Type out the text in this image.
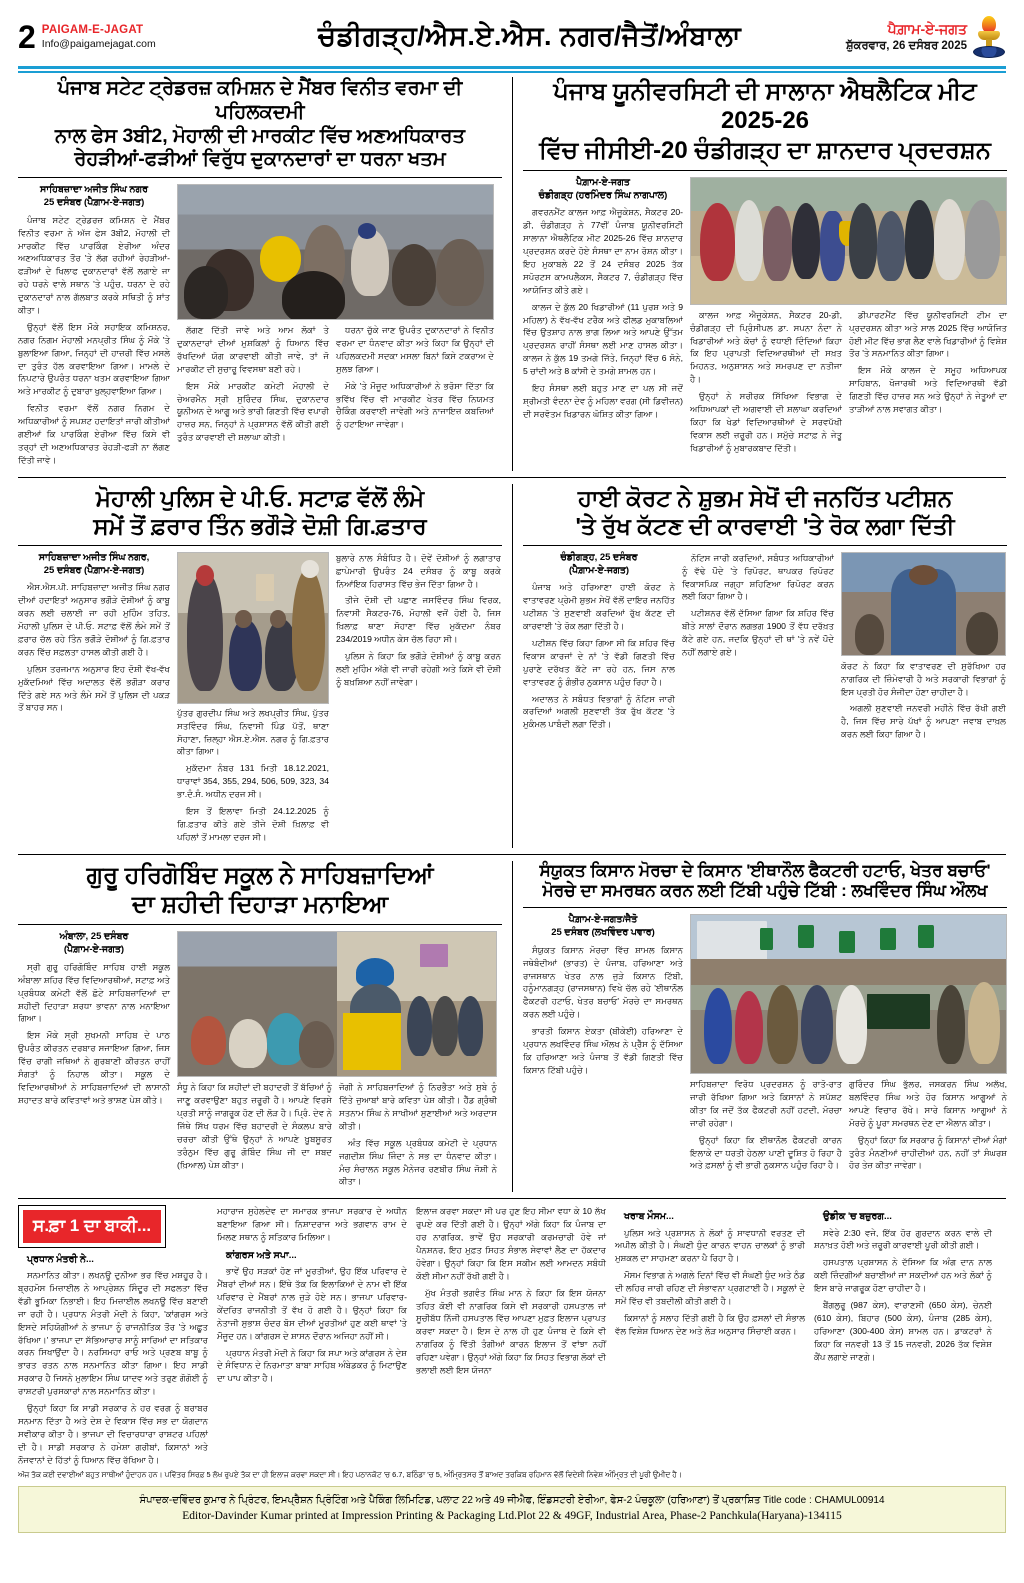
2 PAIGAM-E-JAGAT
Info@paigamejagat.com	ਚੰਡੀਗੜ੍ਹ/ਐਸ.ਏ.ਐਸ. ਨਗਰ/ਜੈਤੋਂ/ਅੰਬਾਲਾ	ਪੈਗ਼ਾਮ-ਏ-ਜਗਤ
ਸ਼ੁੱਕਰਵਾਰ, 26 ਦਸੰਬਰ 2025
ਪੰਜਾਬ ਸਟੇਟ ਟ੍ਰੇਡਰਜ਼ ਕਮਿਸ਼ਨ ਦੇ ਮੈਂਬਰ ਵਿਨੀਤ ਵਰਮਾ ਦੀ ਪਹਿਲਕਦਮੀ
ਨਾਲ ਫੇਸ 3ਬੀ2, ਮੋਹਾਲੀ ਦੀ ਮਾਰਕੀਟ ਵਿੱਚ ਅਣਅਧਿਕਾਰਤ
ਰੇਹੜੀਆਂ-ਫੜੀਆਂ ਵਿਰੁੱਧ ਦੁਕਾਨਦਾਰਾਂ ਦਾ ਧਰਨਾ ਖਤਮ
ਸਾਹਿਬਜ਼ਾਦਾ ਅਜੀਤ ਸਿੰਘ ਨਗਰ
25 ਦਸੰਬਰ (ਪੈਗ਼ਾਮ-ਏ-ਜਗਤ)

ਪੰਜਾਬ ਸਟੇਟ ਟ੍ਰੇਡਰਜ਼ ਕਮਿਸ਼ਨ ਦੇ ਮੈਂਬਰ ਵਿਨੀਤ ਵਰਮਾ ਨੇ ਅੱਜ ਫੇਸ 3ਬੀ2, ਮੋਹਾਲੀ ਦੀ ਮਾਰਕੀਟ ਵਿੱਚ ਪਾਰਕਿੰਗ ਏਰੀਆ ਅੰਦਰ ਅਣਅਧਿਕਾਰਤ ਤੌਰ 'ਤੇ ਲੱਗ ਰਹੀਆਂ ਰੇਹੜੀਆਂ-ਫੜੀਆਂ ਦੇ ਖਿਲਾਫ ਦੁਕਾਨਦਾਰਾਂ ਵੱਲੋਂ ਲਗਾਏ ਜਾ ਰਹੇ ਧਰਨੇ ਵਾਲੇ ਸਥਾਨ 'ਤੇ ਪਹੁੰਚ, ਧਰਨਾ ਦੇ ਰਹੇ ਦੁਕਾਨਦਾਰਾਂ ਨਾਲ ਗੱਲਬਾਤ ਕਰਕੇ ਸਥਿਤੀ ਨੂੰ ਸ਼ਾਂਤ ਕੀਤਾ।

ਉਨ੍ਹਾਂ ਵੱਲੋਂ ਇਸ ਮੌਕੇ ਸਹਾਇਕ ਕਮਿਸ਼ਨਰ, ਨਗਰ ਨਿਗਮ ਮੋਹਾਲੀ ਮਨਪ੍ਰੀਤ ਸਿੰਘ ਨੂੰ ਮੌਕੇ 'ਤੇ ਬੁਲਾਇਆ ਗਿਆ, ਜਿਨ੍ਹਾਂ ਦੀ ਹਾਜ਼ਰੀ ਵਿੱਚ ਮਸਲੇ ਦਾ ਤੁਰੰਤ ਹੱਲ ਕਰਵਾਇਆ ਗਿਆ। ਮਾਮਲੇ ਦੇ ਨਿਪਟਾਰੇ ਉਪਰੰਤ ਧਰਨਾ ਖਤਮ ਕਰਵਾਇਆ ਗਿਆ ਅਤੇ ਮਾਰਕੀਟ ਨੂੰ ਦੁਬਾਰਾ ਖੁਲ੍ਹਵਾਇਆ ਗਿਆ।

ਵਿਨੀਤ ਵਰਮਾ ਵੱਲੋਂ ਨਗਰ ਨਿਗਮ ਦੇ ਅਧਿਕਾਰੀਆਂ ਨੂੰ ਸਪਸ਼ਟ ਹਦਾਇਤਾਂ ਜਾਰੀ ਕੀਤੀਆਂ ਗਈਆਂ ਕਿ ਪਾਰਕਿੰਗ ਏਰੀਆ ਵਿੱਚ ਕਿਸੇ ਵੀ ਤਰ੍ਹਾਂ ਦੀ ਅਣਅਧਿਕਾਰਤ ਰੇਹੜੀ-ਫੜੀ ਨਾ ਲੱਗਣ ਦਿੱਤੀ ਜਾਵੇ।

ਲੱਗਣ ਦਿੱਤੀ ਜਾਵੇ ਅਤੇ ਆਮ ਲੋਕਾਂ ਤੇ ਦੁਕਾਨਦਾਰਾਂ ਦੀਆਂ ਮੁਸ਼ਕਿਲਾਂ ਨੂੰ ਧਿਆਨ ਵਿੱਚ ਰੱਖਦਿਆਂ ਯੋਗ ਕਾਰਵਾਈ ਕੀਤੀ ਜਾਵੇ, ਤਾਂ ਜੋ ਮਾਰਕੀਟ ਦੀ ਸੁਚਾਰੂ ਵਿਵਸਥਾ ਬਣੀ ਰਹੇ।

ਇਸ ਮੌਕੇ ਮਾਰਕੀਟ ਕਮੇਟੀ ਮੋਹਾਲੀ ਦੇ ਚੇਅਰਮੈਨ ਸ੍ਰੀ ਸੁਰਿੰਦਰ ਸਿੰਘ, ਦੁਕਾਨਦਾਰ ਯੂਨੀਅਨ ਦੇ ਆਗੂ ਅਤੇ ਭਾਰੀ ਗਿਣਤੀ ਵਿੱਚ ਵਪਾਰੀ ਹਾਜ਼ਰ ਸਨ, ਜਿਨ੍ਹਾਂ ਨੇ ਪ੍ਰਸ਼ਾਸਨ ਵੱਲੋਂ ਕੀਤੀ ਗਈ ਤੁਰੰਤ ਕਾਰਵਾਈ ਦੀ ਸ਼ਲਾਘਾ ਕੀਤੀ।

ਧਰਨਾ ਚੁੱਕੇ ਜਾਣ ਉਪਰੰਤ ਦੁਕਾਨਦਾਰਾਂ ਨੇ ਵਿਨੀਤ ਵਰਮਾ ਦਾ ਧੰਨਵਾਦ ਕੀਤਾ ਅਤੇ ਕਿਹਾ ਕਿ ਉਨ੍ਹਾਂ ਦੀ ਪਹਿਲਕਦਮੀ ਸਦਕਾ ਮਸਲਾ ਬਿਨਾਂ ਕਿਸੇ ਟਕਰਾਅ ਦੇ ਸੁਲਝ ਗਿਆ।

ਮੌਕੇ 'ਤੇ ਮੌਜੂਦ ਅਧਿਕਾਰੀਆਂ ਨੇ ਭਰੋਸਾ ਦਿੱਤਾ ਕਿ ਭਵਿੱਖ ਵਿੱਚ ਵੀ ਮਾਰਕੀਟ ਖੇਤਰ ਵਿੱਚ ਨਿਯਮਤ ਚੈਕਿੰਗ ਕਰਵਾਈ ਜਾਵੇਗੀ ਅਤੇ ਨਾਜਾਇਜ਼ ਕਬਜ਼ਿਆਂ ਨੂੰ ਹਟਾਇਆ ਜਾਵੇਗਾ।

ਪੰਜਾਬ ਯੂਨੀਵਰਸਿਟੀ ਦੀ ਸਾਲਾਨਾ ਐਥਲੈਟਿਕ ਮੀਟ 2025-26
ਵਿੱਚ ਜੀਸੀਈ-20 ਚੰਡੀਗੜ੍ਹ ਦਾ ਸ਼ਾਨਦਾਰ ਪ੍ਰਦਰਸ਼ਨ
ਪੈਗ਼ਾਮ-ਏ-ਜਗਤ
ਚੰਡੀਗੜ੍ਹ (ਹਰਮਿੰਦਰ ਸਿੰਘ ਨਾਗਪਾਲ)

ਗਵਰਨਮੈਂਟ ਕਾਲਜ ਆਫ਼ ਐਜੂਕੇਸ਼ਨ, ਸੈਕਟਰ 20-ਡੀ, ਚੰਡੀਗੜ੍ਹ ਨੇ 77ਵੀਂ ਪੰਜਾਬ ਯੂਨੀਵਰਸਿਟੀ ਸਾਲਾਨਾ ਐਥਲੈਟਿਕ ਮੀਟ 2025-26 ਵਿੱਚ ਸ਼ਾਨਦਾਰ ਪ੍ਰਦਰਸ਼ਨ ਕਰਦੇ ਹੋਏ ਸੰਸਥਾ ਦਾ ਨਾਮ ਰੋਸ਼ਨ ਕੀਤਾ। ਇਹ ਮੁਕਾਬਲੇ 22 ਤੋਂ 24 ਦਸੰਬਰ 2025 ਤੱਕ ਸਪੋਰਟਸ ਕਾਮਪਲੈਕਸ, ਸੈਕਟਰ 7, ਚੰਡੀਗੜ੍ਹ ਵਿੱਚ ਆਯੋਜਿਤ ਕੀਤੇ ਗਏ।

ਕਾਲਜ ਦੇ ਕੁੱਲ 20 ਖਿਡਾਰੀਆਂ (11 ਪੁਰਸ਼ ਅਤੇ 9 ਮਹਿਲਾ) ਨੇ ਵੱਖ-ਵੱਖ ਟਰੈਕ ਅਤੇ ਫੀਲਡ ਮੁਕਾਬਲਿਆਂ ਵਿੱਚ ਉਤਸ਼ਾਹ ਨਾਲ ਭਾਗ ਲਿਆ ਅਤੇ ਆਪਣੇ ਉੱਤਮ ਪ੍ਰਦਰਸ਼ਨ ਰਾਹੀਂ ਸੰਸਥਾ ਲਈ ਮਾਣ ਹਾਸਲ ਕੀਤਾ। ਕਾਲਜ ਨੇ ਕੁੱਲ 19 ਤਮਗੇ ਜਿੱਤੇ, ਜਿਨ੍ਹਾਂ ਵਿੱਚ 6 ਸੋਨੇ, 5 ਚਾਂਦੀ ਅਤੇ 8 ਕਾਂਸੀ ਦੇ ਤਮਗੇ ਸ਼ਾਮਲ ਹਨ।

ਇਹ ਸੰਸਥਾ ਲਈ ਬਹੁਤ ਮਾਣ ਦਾ ਪਲ ਸੀ ਜਦੋਂ ਸ਼੍ਰੀਮਤੀ ਵੰਦਨਾ ਦੇਵ ਨੂੰ ਮਹਿਲਾ ਵਰਗ (ਸੀ ਡਿਵੀਜ਼ਨ) ਦੀ ਸਰਵੋਤਮ ਖਿਡਾਰਨ ਘੋਸ਼ਿਤ ਕੀਤਾ ਗਿਆ।

ਕਾਲਜ ਆਫ਼ ਐਜੂਕੇਸ਼ਨ, ਸੈਕਟਰ 20-ਡੀ, ਚੰਡੀਗੜ੍ਹ ਦੀ ਪ੍ਰਿੰਸੀਪਲ ਡਾ. ਸਪਨਾ ਨੰਦਾ ਨੇ ਖਿਡਾਰੀਆਂ ਅਤੇ ਕੋਚਾਂ ਨੂੰ ਵਧਾਈ ਦਿੰਦਿਆਂ ਕਿਹਾ ਕਿ ਇਹ ਪ੍ਰਾਪਤੀ ਵਿਦਿਆਰਥੀਆਂ ਦੀ ਸਖ਼ਤ ਮਿਹਨਤ, ਅਨੁਸ਼ਾਸਨ ਅਤੇ ਸਮਰਪਣ ਦਾ ਨਤੀਜਾ ਹੈ।

ਉਨ੍ਹਾਂ ਨੇ ਸਰੀਰਕ ਸਿੱਖਿਆ ਵਿਭਾਗ ਦੇ ਅਧਿਆਪਕਾਂ ਦੀ ਅਗਵਾਈ ਦੀ ਸ਼ਲਾਘਾ ਕਰਦਿਆਂ ਕਿਹਾ ਕਿ ਖੇਡਾਂ ਵਿਦਿਆਰਥੀਆਂ ਦੇ ਸਰਵਪੱਖੀ ਵਿਕਾਸ ਲਈ ਜ਼ਰੂਰੀ ਹਨ। ਸਮੁੱਚੇ ਸਟਾਫ਼ ਨੇ ਜੇਤੂ ਖਿਡਾਰੀਆਂ ਨੂੰ ਮੁਬਾਰਕਬਾਦ ਦਿੱਤੀ।

ਡੀਪਾਰਟਮੈਂਟ ਵਿੱਚ ਯੂਨੀਵਰਸਿਟੀ ਟੀਮ ਦਾ ਪ੍ਰਦਰਸ਼ਨ ਕੀਤਾ ਅਤੇ ਸਾਲ 2025 ਵਿੱਚ ਆਯੋਜਿਤ ਹੋਈ ਮੀਟ ਵਿੱਚ ਭਾਗ ਲੈਣ ਵਾਲੇ ਖਿਡਾਰੀਆਂ ਨੂੰ ਵਿਸ਼ੇਸ਼ ਤੌਰ 'ਤੇ ਸਨਮਾਨਿਤ ਕੀਤਾ ਗਿਆ।

ਇਸ ਮੌਕੇ ਕਾਲਜ ਦੇ ਸਮੂਹ ਅਧਿਆਪਕ ਸਾਹਿਬਾਨ, ਖੋਜਾਰਥੀ ਅਤੇ ਵਿਦਿਆਰਥੀ ਵੱਡੀ ਗਿਣਤੀ ਵਿੱਚ ਹਾਜ਼ਰ ਸਨ ਅਤੇ ਉਨ੍ਹਾਂ ਨੇ ਜੇਤੂਆਂ ਦਾ ਤਾੜੀਆਂ ਨਾਲ ਸਵਾਗਤ ਕੀਤਾ।

ਮੋਹਾਲੀ ਪੁਲਿਸ ਦੇ ਪੀ.ਓ. ਸਟਾਫ਼ ਵੱਲੋਂ ਲੰਮੇ
ਸਮੇਂ ਤੋਂ ਫ਼ਰਾਰ ਤਿੰਨ ਭਗੌੜੇ ਦੋਸ਼ੀ ਗਿ.ਫ਼ਤਾਰ
ਸਾਹਿਬਜ਼ਾਦਾ ਅਜੀਤ ਸਿੰਘ ਨਗਰ,
25 ਦਸੰਬਰ (ਪੈਗ਼ਾਮ-ਏ-ਜਗਤ)

ਐਸ.ਐਸ.ਪੀ. ਸਾਹਿਬਜ਼ਾਦਾ ਅਜੀਤ ਸਿੰਘ ਨਗਰ ਦੀਆਂ ਹਦਾਇਤਾਂ ਅਨੁਸਾਰ ਭਗੌੜੇ ਦੋਸ਼ੀਆਂ ਨੂੰ ਕਾਬੂ ਕਰਨ ਲਈ ਚਲਾਈ ਜਾ ਰਹੀ ਮੁਹਿੰਮ ਤਹਿਤ, ਮੋਹਾਲੀ ਪੁਲਿਸ ਦੇ ਪੀ.ਓ. ਸਟਾਫ਼ ਵੱਲੋਂ ਲੰਮੇ ਸਮੇਂ ਤੋਂ ਫ਼ਰਾਰ ਚੱਲ ਰਹੇ ਤਿੰਨ ਭਗੌੜੇ ਦੋਸ਼ੀਆਂ ਨੂੰ ਗਿ.ਫ਼ਤਾਰ ਕਰਨ ਵਿੱਚ ਸਫ਼ਲਤਾ ਹਾਸਲ ਕੀਤੀ ਗਈ ਹੈ।

ਪੁਲਿਸ ਤਰਜਮਾਨ ਅਨੁਸਾਰ ਇਹ ਦੋਸ਼ੀ ਵੱਖ-ਵੱਖ ਮੁਕੱਦਮਿਆਂ ਵਿੱਚ ਅਦਾਲਤ ਵੱਲੋਂ ਭਗੌੜਾ ਕਰਾਰ ਦਿੱਤੇ ਗਏ ਸਨ ਅਤੇ ਲੰਮੇ ਸਮੇਂ ਤੋਂ ਪੁਲਿਸ ਦੀ ਪਕੜ ਤੋਂ ਬਾਹਰ ਸਨ।

ਪੁੱਤਰ ਗੁਰਦੀਪ ਸਿੰਘ ਅਤੇ ਲਖਪ੍ਰੀਤ ਸਿੰਘ, ਪੁੱਤਰ ਸਤਵਿੰਦਰ ਸਿੰਘ, ਨਿਵਾਸੀ ਪਿੰਡ ਪੱਤੋਂ, ਥਾਣਾ ਸੋਹਾਣਾ, ਜ਼ਿਲ੍ਹਾ ਐਸ.ਏ.ਐਸ. ਨਗਰ ਨੂੰ ਗਿ.ਫ਼ਤਾਰ ਕੀਤਾ ਗਿਆ।

ਮੁਕੱਦਮਾ ਨੰਬਰ 131 ਮਿਤੀ 18.12.2021, ਧਾਰਾਵਾਂ 354, 355, 294, 506, 509, 323, 34 ਭਾ.ਦੰ.ਸੰ. ਅਧੀਨ ਦਰਜ ਸੀ।

ਇਸ ਤੋਂ ਇਲਾਵਾ ਮਿਤੀ 24.12.2025 ਨੂੰ ਗਿ.ਫ਼ਤਾਰ ਕੀਤੇ ਗਏ ਤੀਜੇ ਦੋਸ਼ੀ ਖ਼ਿਲਾਫ਼ ਵੀ ਪਹਿਲਾਂ ਤੋਂ ਮਾਮਲਾ ਦਰਜ ਸੀ।

ਬੁਲਾਰੇ ਨਾਲ ਸੰਬੰਧਿਤ ਹੈ। ਦੋਵੇਂ ਦੋਸ਼ੀਆਂ ਨੂੰ ਲਗਾਤਾਰ ਛਾਪੇਮਾਰੀ ਉਪਰੰਤ 24 ਦਸੰਬਰ ਨੂੰ ਕਾਬੂ ਕਰਕੇ ਨਿਆਂਇਕ ਹਿਰਾਸਤ ਵਿੱਚ ਭੇਜ ਦਿੱਤਾ ਗਿਆ ਹੈ।

ਤੀਜੇ ਦੋਸ਼ੀ ਦੀ ਪਛਾਣ ਜਸਵਿੰਦਰ ਸਿੰਘ ਵਿਰਕ, ਨਿਵਾਸੀ ਸੈਕਟਰ-76, ਮੋਹਾਲੀ ਵਜੋਂ ਹੋਈ ਹੈ, ਜਿਸ ਖ਼ਿਲਾਫ਼ ਥਾਣਾ ਸੋਹਾਣਾ ਵਿੱਚ ਮੁਕੱਦਮਾ ਨੰਬਰ 234/2019 ਅਧੀਨ ਕੇਸ ਚੱਲ ਰਿਹਾ ਸੀ।

ਪੁਲਿਸ ਨੇ ਕਿਹਾ ਕਿ ਭਗੌੜੇ ਦੋਸ਼ੀਆਂ ਨੂੰ ਕਾਬੂ ਕਰਨ ਲਈ ਮੁਹਿੰਮ ਅੱਗੇ ਵੀ ਜਾਰੀ ਰਹੇਗੀ ਅਤੇ ਕਿਸੇ ਵੀ ਦੋਸ਼ੀ ਨੂੰ ਬਖ਼ਸ਼ਿਆ ਨਹੀਂ ਜਾਵੇਗਾ।

ਹਾਈ ਕੋਰਟ ਨੇ ਸ਼ੁਭਮ ਸੇਖੋਂ ਦੀ ਜਨਹਿੱਤ ਪਟੀਸ਼ਨ
'ਤੇ ਰੁੱਖ ਕੱਟਣ ਦੀ ਕਾਰਵਾਈ 'ਤੇ ਰੋਕ ਲਗਾ ਦਿੱਤੀ
ਚੰਡੀਗੜ੍ਹ, 25 ਦਸੰਬਰ
(ਪੈਗ਼ਾਮ-ਏ-ਜਗਤ)

ਪੰਜਾਬ ਅਤੇ ਹਰਿਆਣਾ ਹਾਈ ਕੋਰਟ ਨੇ ਵਾਤਾਵਰਣ ਪ੍ਰੇਮੀ ਸ਼ੁਭਮ ਸੇਖੋਂ ਵੱਲੋਂ ਦਾਇਰ ਜਨਹਿੱਤ ਪਟੀਸ਼ਨ 'ਤੇ ਸੁਣਵਾਈ ਕਰਦਿਆਂ ਰੁੱਖ ਕੱਟਣ ਦੀ ਕਾਰਵਾਈ 'ਤੇ ਰੋਕ ਲਗਾ ਦਿੱਤੀ ਹੈ।

ਪਟੀਸ਼ਨ ਵਿੱਚ ਕਿਹਾ ਗਿਆ ਸੀ ਕਿ ਸ਼ਹਿਰ ਵਿੱਚ ਵਿਕਾਸ ਕਾਰਜਾਂ ਦੇ ਨਾਂ 'ਤੇ ਵੱਡੀ ਗਿਣਤੀ ਵਿੱਚ ਪੁਰਾਣੇ ਦਰੱਖਤ ਕੱਟੇ ਜਾ ਰਹੇ ਹਨ, ਜਿਸ ਨਾਲ ਵਾਤਾਵਰਣ ਨੂੰ ਗੰਭੀਰ ਨੁਕਸਾਨ ਪਹੁੰਚ ਰਿਹਾ ਹੈ।

ਅਦਾਲਤ ਨੇ ਸਬੰਧਤ ਵਿਭਾਗਾਂ ਨੂੰ ਨੋਟਿਸ ਜਾਰੀ ਕਰਦਿਆਂ ਅਗਲੀ ਸੁਣਵਾਈ ਤੱਕ ਰੁੱਖ ਕੱਟਣ 'ਤੇ ਮੁਕੰਮਲ ਪਾਬੰਦੀ ਲਗਾ ਦਿੱਤੀ।

ਨੋਟਿਸ ਜਾਰੀ ਕਰਦਿਆਂ, ਸਬੰਧਤ ਅਧਿਕਾਰੀਆਂ ਨੂੰ ਵੱਢੇ ਪੌਦੇ 'ਤੇ ਰਿਪੋਰਟ, ਥਾਪਕਰ ਰਿਪੋਰਟ ਵਿਕਾਸਪਿਕ ਜਗ੍ਹਾ ਸ਼ਹਿਣਿਆ ਰਿਪੋਰਟ ਕਰਨ ਲਈ ਕਿਹਾ ਗਿਆ ਹੈ।

ਪਟੀਸ਼ਨਰ ਵੱਲੋਂ ਦੱਸਿਆ ਗਿਆ ਕਿ ਸ਼ਹਿਰ ਵਿੱਚ ਬੀਤੇ ਸਾਲਾਂ ਦੌਰਾਨ ਲਗਭਗ 1900 ਤੋਂ ਵੱਧ ਦਰੱਖ਼ਤ ਕੱਟੇ ਗਏ ਹਨ, ਜਦਕਿ ਉਨ੍ਹਾਂ ਦੀ ਥਾਂ 'ਤੇ ਨਵੇਂ ਪੌਦੇ ਨਹੀਂ ਲਗਾਏ ਗਏ।

ਕੋਰਟ ਨੇ ਕਿਹਾ ਕਿ ਵਾਤਾਵਰਣ ਦੀ ਸੁਰੱਖਿਆ ਹਰ ਨਾਗਰਿਕ ਦੀ ਜ਼ਿੰਮੇਵਾਰੀ ਹੈ ਅਤੇ ਸਰਕਾਰੀ ਵਿਭਾਗਾਂ ਨੂੰ ਇਸ ਪ੍ਰਤੀ ਹੋਰ ਸੰਜੀਦਾ ਹੋਣਾ ਚਾਹੀਦਾ ਹੈ।

ਅਗਲੀ ਸੁਣਵਾਈ ਜਨਵਰੀ ਮਹੀਨੇ ਵਿੱਚ ਰੱਖੀ ਗਈ ਹੈ, ਜਿਸ ਵਿੱਚ ਸਾਰੇ ਪੱਖਾਂ ਨੂੰ ਆਪਣਾ ਜਵਾਬ ਦਾਖ਼ਲ ਕਰਨ ਲਈ ਕਿਹਾ ਗਿਆ ਹੈ।

ਗੁਰੂ ਹਰਿਗੋਬਿੰਦ ਸਕੂਲ ਨੇ ਸਾਹਿਬਜ਼ਾਦਿਆਂ
ਦਾ ਸ਼ਹੀਦੀ ਦਿਹਾੜਾ ਮਨਾਇਆ
ਅੰਬਾਲਾ, 25 ਦਸੰਬਰ
(ਪੈਗ਼ਾਮ-ਏ-ਜਗਤ)

ਸ੍ਰੀ ਗੁਰੂ ਹਰਿਗੋਬਿੰਦ ਸਾਹਿਬ ਹਾਈ ਸਕੂਲ ਅੰਬਾਲਾ ਸ਼ਹਿਰ ਵਿੱਚ ਵਿਦਿਆਰਥੀਆਂ, ਸਟਾਫ਼ ਅਤੇ ਪ੍ਰਬੰਧਕ ਕਮੇਟੀ ਵੱਲੋਂ ਛੋਟੇ ਸਾਹਿਬਜ਼ਾਦਿਆਂ ਦਾ ਸ਼ਹੀਦੀ ਦਿਹਾੜਾ ਸ਼ਰਧਾ ਭਾਵਨਾ ਨਾਲ ਮਨਾਇਆ ਗਿਆ।

ਇਸ ਮੌਕੇ ਸ੍ਰੀ ਸੁਖਮਨੀ ਸਾਹਿਬ ਦੇ ਪਾਠ ਉਪਰੰਤ ਕੀਰਤਨ ਦਰਬਾਰ ਸਜਾਇਆ ਗਿਆ, ਜਿਸ ਵਿੱਚ ਰਾਗੀ ਜਥਿਆਂ ਨੇ ਗੁਰਬਾਣੀ ਕੀਰਤਨ ਰਾਹੀਂ ਸੰਗਤਾਂ ਨੂੰ ਨਿਹਾਲ ਕੀਤਾ। ਸਕੂਲ ਦੇ ਵਿਦਿਆਰਥੀਆਂ ਨੇ ਸਾਹਿਬਜ਼ਾਦਿਆਂ ਦੀ ਲਾਸਾਨੀ ਸ਼ਹਾਦਤ ਬਾਰੇ ਕਵਿਤਾਵਾਂ ਅਤੇ ਭਾਸ਼ਣ ਪੇਸ਼ ਕੀਤੇ।

ਸੰਧੂ ਨੇ ਕਿਹਾ ਕਿ ਸ਼ਹੀਦਾਂ ਦੀ ਬਹਾਦਰੀ ਤੋਂ ਬੱਚਿਆਂ ਨੂੰ ਜਾਣੂ ਕਰਵਾਉਣਾ ਬਹੁਤ ਜ਼ਰੂਰੀ ਹੈ। ਆਪਣੇ ਵਿਰਸੇ ਪ੍ਰਤੀ ਸਾਨੂੰ ਜਾਗਰੂਕ ਹੋਣ ਦੀ ਲੋੜ ਹੈ। ਪ੍ਰਿੰ. ਦੇਵ ਨੇ ਜਿੱਥੇ ਸਿੱਖ ਧਰਮ ਵਿੱਚ ਬਹਾਦਰੀ ਦੇ ਸੰਕਲਪ ਬਾਰੇ ਚਰਚਾ ਕੀਤੀ ਉੱਥੇ ਉਨ੍ਹਾਂ ਨੇ ਆਪਣੇ ਖ਼ੂਬਸੂਰਤ ਤਰੰਨੁਮ ਵਿੱਚ ਗੁਰੂ ਗੋਬਿੰਦ ਸਿੰਘ ਜੀ ਦਾ ਸ਼ਬਦ (ਖ਼ਿਆਲ) ਪੇਸ਼ ਕੀਤਾ।

ਜੋਗੀ ਨੇ ਸਾਹਿਬਜ਼ਾਦਿਆਂ ਨੂੰ ਨਿਰਭੈਤਾ ਅਤੇ ਸੁਬੇ ਨੂੰ ਦਿੱਤੇ ਜੁਆਬਾਂ ਬਾਰੇ ਕਵਿਤਾ ਪੇਸ਼ ਕੀਤੀ। ਹੈੱਡ ਗ੍ਰੰਥੀ ਸਤਨਾਮ ਸਿੰਘ ਨੇ ਸਾਖੀਆਂ ਸੁਣਾਈਆਂ ਅਤੇ ਅਰਦਾਸ ਕੀਤੀ।

ਅੰਤ ਵਿੱਚ ਸਕੂਲ ਪ੍ਰਬੰਧਕ ਕਮੇਟੀ ਦੇ ਪ੍ਰਧਾਨ ਜਗਦੀਸ਼ ਸਿੰਘ ਜਿੰਦਾ ਨੇ ਸਭ ਦਾ ਧੰਨਵਾਦ ਕੀਤਾ। ਮੰਚ ਸੰਚਾਲਨ ਸਕੂਲ ਮੈਨੇਜਰ ਰਣਬੀਰ ਸਿੰਘ ਜੋਸ਼ੀ ਨੇ ਕੀਤਾ।

ਸੰਯੁਕਤ ਕਿਸਾਨ ਮੋਰਚਾ ਦੇ ਕਿਸਾਨ 'ਈਥਾਨੌਲ ਫੈਕਟਰੀ ਹਟਾਓ, ਖੇਤਰ ਬਚਾਓ'
ਮੋਰਚੇ ਦਾ ਸਮਰਥਨ ਕਰਨ ਲਈ ਟਿੱਬੀ ਪਹੁੰਚੇ ਟਿੱਬੀ : ਲਖਵਿੰਦਰ ਸਿੰਘ ਔਲਖ
ਪੈਗ਼ਾਮ-ਏ-ਜਗਤ/ਜੈਤੋ
25 ਦਸੰਬਰ (ਲਖਵਿੰਦਰ ਪਵਾਰ)

ਸੰਯੁਕਤ ਕਿਸਾਨ ਮੋਰਚਾ ਵਿੱਚ ਸ਼ਾਮਲ ਕਿਸਾਨ ਜਥੇਬੰਦੀਆਂ (ਭਾਰਤ) ਦੇ ਪੰਜਾਬ, ਹਰਿਆਣਾ ਅਤੇ ਰਾਜਸਥਾਨ ਖੇਤਰ ਨਾਲ ਜੁੜੇ ਕਿਸਾਨ ਟਿੱਬੀ, ਹਨੂੰਮਾਨਗੜ੍ਹ (ਰਾਜਸਥਾਨ) ਵਿਖੇ ਚੱਲ ਰਹੇ 'ਈਥਾਨੌਲ ਫੈਕਟਰੀ ਹਟਾਓ, ਖੇਤਰ ਬਚਾਓ' ਮੋਰਚੇ ਦਾ ਸਮਰਥਨ ਕਰਨ ਲਈ ਪਹੁੰਚੇ।

ਭਾਰਤੀ ਕਿਸਾਨ ਏਕਤਾ (ਬੀਕੇਈ) ਹਰਿਆਣਾ ਦੇ ਪ੍ਰਧਾਨ ਲਖਵਿੰਦਰ ਸਿੰਘ ਔਲਖ ਨੇ ਪ੍ਰੈੱਸ ਨੂੰ ਦੱਸਿਆ ਕਿ ਹਰਿਆਣਾ ਅਤੇ ਪੰਜਾਬ ਤੋਂ ਵੱਡੀ ਗਿਣਤੀ ਵਿੱਚ ਕਿਸਾਨ ਟਿੱਬੀ ਪਹੁੰਚੇ।

ਸਾਹਿਬਜ਼ਾਦਾ ਵਿਰੋਧ ਪ੍ਰਦਰਸ਼ਨ ਨੂੰ ਰਾਤੋ-ਰਾਤ ਜਾਰੀ ਰੱਖਿਆ ਗਿਆ ਅਤੇ ਕਿਸਾਨਾਂ ਨੇ ਸਪੱਸ਼ਟ ਕੀਤਾ ਕਿ ਜਦੋਂ ਤੱਕ ਫੈਕਟਰੀ ਨਹੀਂ ਹਟਦੀ, ਮੋਰਚਾ ਜਾਰੀ ਰਹੇਗਾ।

ਉਨ੍ਹਾਂ ਕਿਹਾ ਕਿ ਈਥਾਨੌਲ ਫੈਕਟਰੀ ਕਾਰਨ ਇਲਾਕੇ ਦਾ ਧਰਤੀ ਹੇਠਲਾ ਪਾਣੀ ਦੂਸ਼ਿਤ ਹੋ ਰਿਹਾ ਹੈ ਅਤੇ ਫ਼ਸਲਾਂ ਨੂੰ ਵੀ ਭਾਰੀ ਨੁਕਸਾਨ ਪਹੁੰਚ ਰਿਹਾ ਹੈ।

ਗੁਰਿੰਦਰ ਸਿੰਘ ਭੁੱਲਰ, ਜਸਕਰਨ ਸਿੰਘ ਅਲੱਖ, ਬਲਵਿੰਦਰ ਸਿੰਘ ਅਤੇ ਹੋਰ ਕਿਸਾਨ ਆਗੂਆਂ ਨੇ ਆਪਣੇ ਵਿਚਾਰ ਰੱਖੇ। ਸਾਰੇ ਕਿਸਾਨ ਆਗੂਆਂ ਨੇ ਮੋਰਚੇ ਨੂੰ ਪੂਰਾ ਸਮਰਥਨ ਦੇਣ ਦਾ ਐਲਾਨ ਕੀਤਾ।

ਉਨ੍ਹਾਂ ਕਿਹਾ ਕਿ ਸਰਕਾਰ ਨੂੰ ਕਿਸਾਨਾਂ ਦੀਆਂ ਮੰਗਾਂ ਤੁਰੰਤ ਮੰਨਣੀਆਂ ਚਾਹੀਦੀਆਂ ਹਨ, ਨਹੀਂ ਤਾਂ ਸੰਘਰਸ਼ ਹੋਰ ਤੇਜ਼ ਕੀਤਾ ਜਾਵੇਗਾ।

ਸ.ਫ਼ਾ 1 ਦਾ ਬਾਕੀ...
ਪ੍ਰਧਾਨ ਮੰਤਰੀ ਨੇ...

ਸਨਮਾਨਿਤ ਕੀਤਾ। ਲਖਨਊ ਦੁਨੀਆ ਭਰ ਵਿੱਚ ਮਸ਼ਹੂਰ ਹੈ। ਬ੍ਰਹਮੋਸ ਮਿਜ਼ਾਈਲ ਨੇ ਆਪ੍ਰੇਸ਼ਨ ਸਿੰਦੂਰ ਦੀ ਸਫਲਤਾ ਵਿੱਚ ਵੱਡੀ ਭੂਮਿਕਾ ਨਿਭਾਈ। ਇਹ ਮਿਜ਼ਾਈਲ ਲਖਨਊ ਵਿੱਚ ਬਣਾਈ ਜਾ ਰਹੀ ਹੈ। ਪ੍ਰਧਾਨ ਮੰਤਰੀ ਮੋਦੀ ਨੇ ਕਿਹਾ, 'ਕਾਂਗਰਸ ਅਤੇ ਇਸਦੇ ਸਹਿਯੋਗੀਆਂ ਨੇ ਭਾਜਪਾ ਨੂੰ ਰਾਜਨੀਤਿਕ ਤੌਰ 'ਤੇ ਅਛੂਤ ਰੱਖਿਆ।' ਭਾਜਪਾ ਦਾ ਸੱਭਿਆਚਾਰ ਸਾਨੂੰ ਸਾਰਿਆਂ ਦਾ ਸਤਿਕਾਰ ਕਰਨ ਸਿਖਾਉਂਦਾ ਹੈ। ਨਰਸਿਮਹਾ ਰਾਓ ਅਤੇ ਪ੍ਰਣਬ ਬਾਬੂ ਨੂੰ ਭਾਰਤ ਰਤਨ ਨਾਲ ਸਨਮਾਨਿਤ ਕੀਤਾ ਗਿਆ। ਇਹ ਸਾਡੀ ਸਰਕਾਰ ਹੈ ਜਿਸਨੇ ਮੁਲਾਇਮ ਸਿੰਘ ਯਾਦਵ ਅਤੇ ਤਰੁਣ ਗੋਗੋਈ ਨੂੰ ਰਾਸ਼ਟਰੀ ਪੁਰਸਕਾਰਾਂ ਨਾਲ ਸਨਮਾਨਿਤ ਕੀਤਾ।

ਉਨ੍ਹਾਂ ਕਿਹਾ ਕਿ ਸਾਡੀ ਸਰਕਾਰ ਨੇ ਹਰ ਵਰਗ ਨੂੰ ਬਰਾਬਰ ਸਨਮਾਨ ਦਿੱਤਾ ਹੈ ਅਤੇ ਦੇਸ਼ ਦੇ ਵਿਕਾਸ ਵਿੱਚ ਸਭ ਦਾ ਯੋਗਦਾਨ ਸਵੀਕਾਰ ਕੀਤਾ ਹੈ। ਭਾਜਪਾ ਦੀ ਵਿਚਾਰਧਾਰਾ ਰਾਸ਼ਟਰ ਪਹਿਲਾਂ ਦੀ ਹੈ। ਸਾਡੀ ਸਰਕਾਰ ਨੇ ਹਮੇਸ਼ਾ ਗਰੀਬਾਂ, ਕਿਸਾਨਾਂ ਅਤੇ ਨੌਜਵਾਨਾਂ ਦੇ ਹਿੱਤਾਂ ਨੂੰ ਧਿਆਨ ਵਿੱਚ ਰੱਖਿਆ ਹੈ।

ਮਹਾਰਾਜ ਸੁਹੇਲਦੇਵ ਦਾ ਸਮਾਰਕ ਭਾਜਪਾ ਸਰਕਾਰ ਦੇ ਅਧੀਨ ਬਣਾਇਆ ਗਿਆ ਸੀ। ਨਿਸ਼ਾਦਰਾਜ ਅਤੇ ਭਗਵਾਨ ਰਾਮ ਦੇ ਮਿਲਣ ਸਥਾਨ ਨੂੰ ਸਤਿਕਾਰ ਮਿਲਿਆ।

ਕਾਂਗਰਸ ਅਤੇ ਸਪਾ...

ਭਾਵੇਂ ਉਹ ਸੜਕਾਂ ਹੋਣ ਜਾਂ ਮੂਰਤੀਆਂ, ਉਹ ਇੱਕ ਪਰਿਵਾਰ ਦੇ ਮੈਂਬਰਾਂ ਦੀਆਂ ਸਨ। ਇੱਥੇ ਤੱਕ ਕਿ ਇਲਾਕਿਆਂ ਦੇ ਨਾਮ ਵੀ ਇੱਕ ਪਰਿਵਾਰ ਦੇ ਮੈਂਬਰਾਂ ਨਾਲ ਜੁੜੇ ਹੋਏ ਸਨ। ਭਾਜਪਾ ਪਰਿਵਾਰ-ਕੇਂਦਰਿਤ ਰਾਜਨੀਤੀ ਤੋਂ ਵੱਖ ਹੋ ਗਈ ਹੈ। ਉਨ੍ਹਾਂ ਕਿਹਾ ਕਿ ਨੇਤਾਜੀ ਸੁਭਾਸ਼ ਚੰਦਰ ਬੋਸ ਦੀਆਂ ਮੂਰਤੀਆਂ ਹੁਣ ਕਈ ਥਾਵਾਂ 'ਤੇ ਮੌਜੂਦ ਹਨ। ਕਾਂਗਰਸ ਦੇ ਸ਼ਾਸਨ ਦੌਰਾਨ ਅਜਿਹਾ ਨਹੀਂ ਸੀ।

ਪ੍ਰਧਾਨ ਮੰਤਰੀ ਮੋਦੀ ਨੇ ਕਿਹਾ ਕਿ ਸਪਾ ਅਤੇ ਕਾਂਗਰਸ ਨੇ ਦੇਸ਼ ਦੇ ਸੰਵਿਧਾਨ ਦੇ ਨਿਰਮਾਤਾ ਬਾਬਾ ਸਾਹਿਬ ਅੰਬੇਡਕਰ ਨੂੰ ਮਿਟਾਉਣ ਦਾ ਪਾਪ ਕੀਤਾ ਹੈ।

ਇਲਾਜ ਕਰਵਾ ਸਕਦਾ ਸੀ ਪਰ ਹੁਣ ਇਹ ਸੀਮਾ ਵਧਾ ਕੇ 10 ਲੱਖ ਰੁਪਏ ਕਰ ਦਿੱਤੀ ਗਈ ਹੈ। ਉਨ੍ਹਾਂ ਅੱਗੇ ਕਿਹਾ ਕਿ ਪੰਜਾਬ ਦਾ ਹਰ ਨਾਗਰਿਕ, ਭਾਵੇਂ ਉਹ ਸਰਕਾਰੀ ਕਰਮਚਾਰੀ ਹੋਵੇ ਜਾਂ ਪੈਨਸ਼ਨਰ, ਇਹ ਮੁਫ਼ਤ ਸਿਹਤ ਸੰਭਾਲ ਸੇਵਾਵਾਂ ਲੈਣ ਦਾ ਹੱਕਦਾਰ ਹੋਵੇਗਾ। ਉਨ੍ਹਾਂ ਕਿਹਾ ਕਿ ਇਸ ਸਕੀਮ ਲਈ ਆਮਦਨ ਸਬੰਧੀ ਕੋਈ ਸੀਮਾ ਨਹੀਂ ਰੱਖੀ ਗਈ ਹੈ।

ਮੁੱਖ ਮੰਤਰੀ ਭਗਵੰਤ ਸਿੰਘ ਮਾਨ ਨੇ ਕਿਹਾ ਕਿ ਇਸ ਯੋਜਨਾ ਤਹਿਤ ਕੋਈ ਵੀ ਨਾਗਰਿਕ ਕਿਸੇ ਵੀ ਸਰਕਾਰੀ ਹਸਪਤਾਲ ਜਾਂ ਸੂਚੀਬੱਧ ਨਿੱਜੀ ਹਸਪਤਾਲ ਵਿੱਚ ਆਪਣਾ ਮੁਫ਼ਤ ਇਲਾਜ ਪ੍ਰਾਪਤ ਕਰਵਾ ਸਕਦਾ ਹੈ। ਇਸ ਦੇ ਨਾਲ ਹੀ ਹੁਣ ਪੰਜਾਬ ਦੇ ਕਿਸੇ ਵੀ ਨਾਗਰਿਕ ਨੂੰ ਵਿੱਤੀ ਤੰਗੀਆਂ ਕਾਰਨ ਇਲਾਜ ਤੋਂ ਵਾਂਝਾ ਨਹੀਂ ਰਹਿਣਾ ਪਵੇਗਾ। ਉਨ੍ਹਾਂ ਅੱਗੇ ਕਿਹਾ ਕਿ ਸਿਹਤ ਵਿਭਾਗ ਲੋਕਾਂ ਦੀ ਭਲਾਈ ਲਈ ਇਸ ਯੋਜਨਾ

ਖਰਾਬ ਮੌਸਮ...

ਪੁਲਿਸ ਅਤੇ ਪ੍ਰਸ਼ਾਸਨ ਨੇ ਲੋਕਾਂ ਨੂੰ ਸਾਵਧਾਨੀ ਵਰਤਣ ਦੀ ਅਪੀਲ ਕੀਤੀ ਹੈ। ਸੰਘਣੀ ਧੁੰਦ ਕਾਰਨ ਵਾਹਨ ਚਾਲਕਾਂ ਨੂੰ ਭਾਰੀ ਮੁਸ਼ਕਲ ਦਾ ਸਾਹਮਣਾ ਕਰਨਾ ਪੈ ਰਿਹਾ ਹੈ।

ਮੌਸਮ ਵਿਭਾਗ ਨੇ ਅਗਲੇ ਦਿਨਾਂ ਵਿੱਚ ਵੀ ਸੰਘਣੀ ਧੁੰਦ ਅਤੇ ਠੰਡ ਦੀ ਲਹਿਰ ਜਾਰੀ ਰਹਿਣ ਦੀ ਸੰਭਾਵਨਾ ਪ੍ਰਗਟਾਈ ਹੈ। ਸਕੂਲਾਂ ਦੇ ਸਮੇਂ ਵਿੱਚ ਵੀ ਤਬਦੀਲੀ ਕੀਤੀ ਗਈ ਹੈ।

ਕਿਸਾਨਾਂ ਨੂੰ ਸਲਾਹ ਦਿੱਤੀ ਗਈ ਹੈ ਕਿ ਉਹ ਫ਼ਸਲਾਂ ਦੀ ਸੰਭਾਲ ਵੱਲ ਵਿਸ਼ੇਸ਼ ਧਿਆਨ ਦੇਣ ਅਤੇ ਲੋੜ ਅਨੁਸਾਰ ਸਿੰਚਾਈ ਕਰਨ।

ਉਡੀਕ 'ਚ ਬਜ਼ੁਰਗ...

ਸਵੇਰੇ 2:30 ਵਜੇ, ਇੱਕ ਹੋਰ ਗੁਰਦਾਨ ਕਰਨ ਵਾਲੇ ਦੀ ਸ਼ਨਾਖ਼ਤ ਹੋਈ ਅਤੇ ਜ਼ਰੂਰੀ ਕਾਰਵਾਈ ਪੂਰੀ ਕੀਤੀ ਗਈ।

ਹਸਪਤਾਲ ਪ੍ਰਸ਼ਾਸਨ ਨੇ ਦੱਸਿਆ ਕਿ ਅੰਗ ਦਾਨ ਨਾਲ ਕਈ ਜ਼ਿੰਦਗੀਆਂ ਬਚਾਈਆਂ ਜਾ ਸਕਦੀਆਂ ਹਨ ਅਤੇ ਲੋਕਾਂ ਨੂੰ ਇਸ ਬਾਰੇ ਜਾਗਰੂਕ ਹੋਣਾ ਚਾਹੀਦਾ ਹੈ।

ਬੈਂਗਲੁਰੂ (987 ਕੇਸ), ਵਾਰਾਣਸੀ (650 ਕੇਸ), ਚੇਨਈ (610 ਕੇਸ), ਬਿਹਾਰ (500 ਕੇਸ), ਪੰਜਾਬ (285 ਕੇਸ), ਹਰਿਆਣਾ (300-400 ਕੇਸ) ਸ਼ਾਮਲ ਹਨ। ਡਾਕਟਰਾਂ ਨੇ ਕਿਹਾ ਕਿ ਜਨਵਰੀ 13 ਤੋਂ 15 ਜਨਵਰੀ, 2026 ਤੱਕ ਵਿਸ਼ੇਸ਼ ਕੈਂਪ ਲਗਾਏ ਜਾਣਗੇ।

ਅੱਜ ਤੱਕ ਕਈ ਦਵਾਈਆਂ ਬਹੁਤ ਸਾਥੀਆਂ ਹੁੰਦਾਹਨ ਹਨ। ਪਵਿੱਤਰ ਸਿਰਫ਼ 5 ਲੱਖ ਰੁਪਏ ਤੱਕ ਦਾ ਹੀ ਇਲਾਜ ਕਰਵਾ ਸਕਦਾ ਸੀ। ਇਹ ਪਠਾਨਕੋਟ 'ਚ 6.7, ਬਠਿੰਡਾ 'ਚ 5, ਅੰਮ੍ਰਿਤਸਰ ਤੋਂ ਬਾਅਦ ਤਰਕਿਬ ਰਹਿਮਾਨ ਵੱਲੋਂ ਵਿਦੇਸ਼ੀ ਨਿਵੇਸ਼ ਅੰਮ੍ਰਿਤ ਦੀ ਪੂਰੀ ਉਮੀਦ ਹੈ।
ਸੰਪਾਦਕ-ਦਵਿੰਦਰ ਕੁਮਾਰ ਨੇ ਪ੍ਰਿੰਟਰ, ਇਮਪ੍ਰੈਸ਼ਨ ਪ੍ਰਿੰਟਿੰਗ ਅਤੇ ਪੈਕਿੰਗ ਲਿਮਿਟਿਡ, ਪਲਾਟ 22 ਅਤੇ 49 ਜੀਐਫ, ਇੰਡਸਟਰੀ ਏਰੀਆ, ਫੇਸ-2 ਪੰਚਕੂਲਾ (ਹਰਿਆਣਾ) ਤੋਂ ਪ੍ਰਕਾਸ਼ਿਤ Title code : CHAMUL00914
Editor-Davinder Kumar printed at Impression Printing & Packaging Ltd.Plot 22 & 49GF, Industrial Area, Phase-2 Panchkula(Haryana)-134115
